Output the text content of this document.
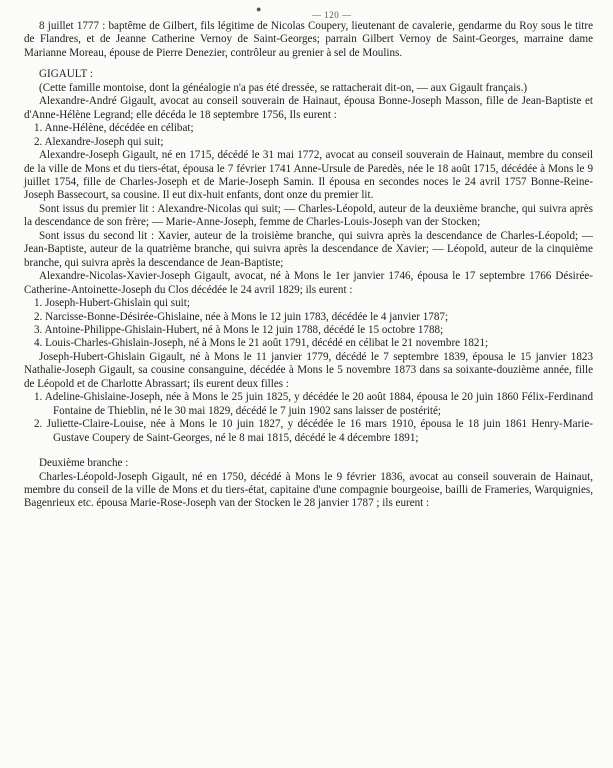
●
— 120 —

8 juillet 1777 : baptême de Gilbert, fils légitime de Nicolas Coupery, lieutenant de cavalerie, gendarme du Roy sous le titre de Flandres, et de Jeanne Catherine Vernoy de Saint-Georges; parrain Gilbert Vernoy de Saint-Georges, marraine dame Marianne Moreau, épouse de Pierre Denezier, contrôleur au grenier à sel de Moulins.

GIGAULT :

(Cette famille montoise, dont la généalogie n'a pas été dressée, se rattacherait dit-on, — aux Gigault français.)

Alexandre-André Gigault, avocat au conseil souverain de Hainaut, épousa Bonne-Joseph Masson, fille de Jean-Baptiste et d'Anne-Hélène Legrand; elle décéda le 18 septembre 1756, Ils eurent :

1. Anne-Hélène, décédée en célibat;

2. Alexandre-Joseph qui suit;

Alexandre-Joseph Gigault, né en 1715, décédé le 31 mai 1772, avocat au conseil souverain de Hainaut, membre du conseil de la ville de Mons et du tiers-état, épousa le 7 février 1741 Anne-Ursule de Paredès, née le 18 août 1715, décédée à Mons le 9 juillet 1754, fille de Charles-Joseph et de Marie-Joseph Samin. Il épousa en secondes noces le 24 avril 1757 Bonne-Reine-Joseph Bassecourt, sa cousine. Il eut dix-huit enfants, dont onze du premier lit.

Sont issus du premier lit : Alexandre-Nicolas qui suit; — Charles-Léopold, auteur de la deuxième branche, qui suivra après la descendance de son frère; — Marie-Anne-Joseph, femme de Charles-Louis-Joseph van der Stocken;

Sont issus du second lit : Xavier, auteur de la troisième branche, qui suivra après la descendance de Charles-Léopold; — Jean-Baptiste, auteur de la quatrième branche, qui suivra après la descendance de Xavier; — Léopold, auteur de la cinquième branche, qui suivra après la descendance de Jean-Baptiste;

Alexandre-Nicolas-Xavier-Joseph Gigault, avocat, né à Mons le 1er janvier 1746, épousa le 17 septembre 1766 Désirée-Catherine-Antoinette-Joseph du Clos décédée le 24 avril 1829; ils eurent :

1. Joseph-Hubert-Ghislain qui suit;

2. Narcisse-Bonne-Désirée-Ghislaine, née à Mons le 12 juin 1783, décédée le 4 janvier 1787;

3. Antoine-Philippe-Ghislain-Hubert, né à Mons le 12 juin 1788, décédé le 15 octobre 1788;

4. Louis-Charles-Ghislain-Joseph, né à Mons le 21 août 1791, décédé en célibat le 21 novembre 1821;

Joseph-Hubert-Ghislain Gigault, né à Mons le 11 janvier 1779, décédé le 7 septembre 1839, épousa le 15 janvier 1823 Nathalie-Joseph Gigault, sa cousine consanguine, décédée à Mons le 5 novembre 1873 dans sa soixante-douzième année, fille de Léopold et de Charlotte Abrassart; ils eurent deux filles :

1. Adeline-Ghislaine-Joseph, née à Mons le 25 juin 1825, y décédée le 20 août 1884, épousa le 20 juin 1860 Félix-Ferdinand Fontaine de Thieblin, né le 30 mai 1829, décédé le 7 juin 1902 sans laisser de postérité;

2. Juliette-Claire-Louise, née à Mons le 10 juin 1827, y décédée le 16 mars 1910, épousa le 18 juin 1861 Henry-Marie-Gustave Coupery de Saint-Georges, né le 8 mai 1815, décédé le 4 décembre 1891;

Deuxième branche :

Charles-Léopold-Joseph Gigault, né en 1750, décédé à Mons le 9 février 1836, avocat au conseil souverain de Hainaut, membre du conseil de la ville de Mons et du tiers-état, capitaine d'une compagnie bourgeoise, bailli de Frameries, Warquignies, Bagenrieux etc. épousa Marie-Rose-Joseph van der Stocken le 28 janvier 1787 ; ils eurent :
